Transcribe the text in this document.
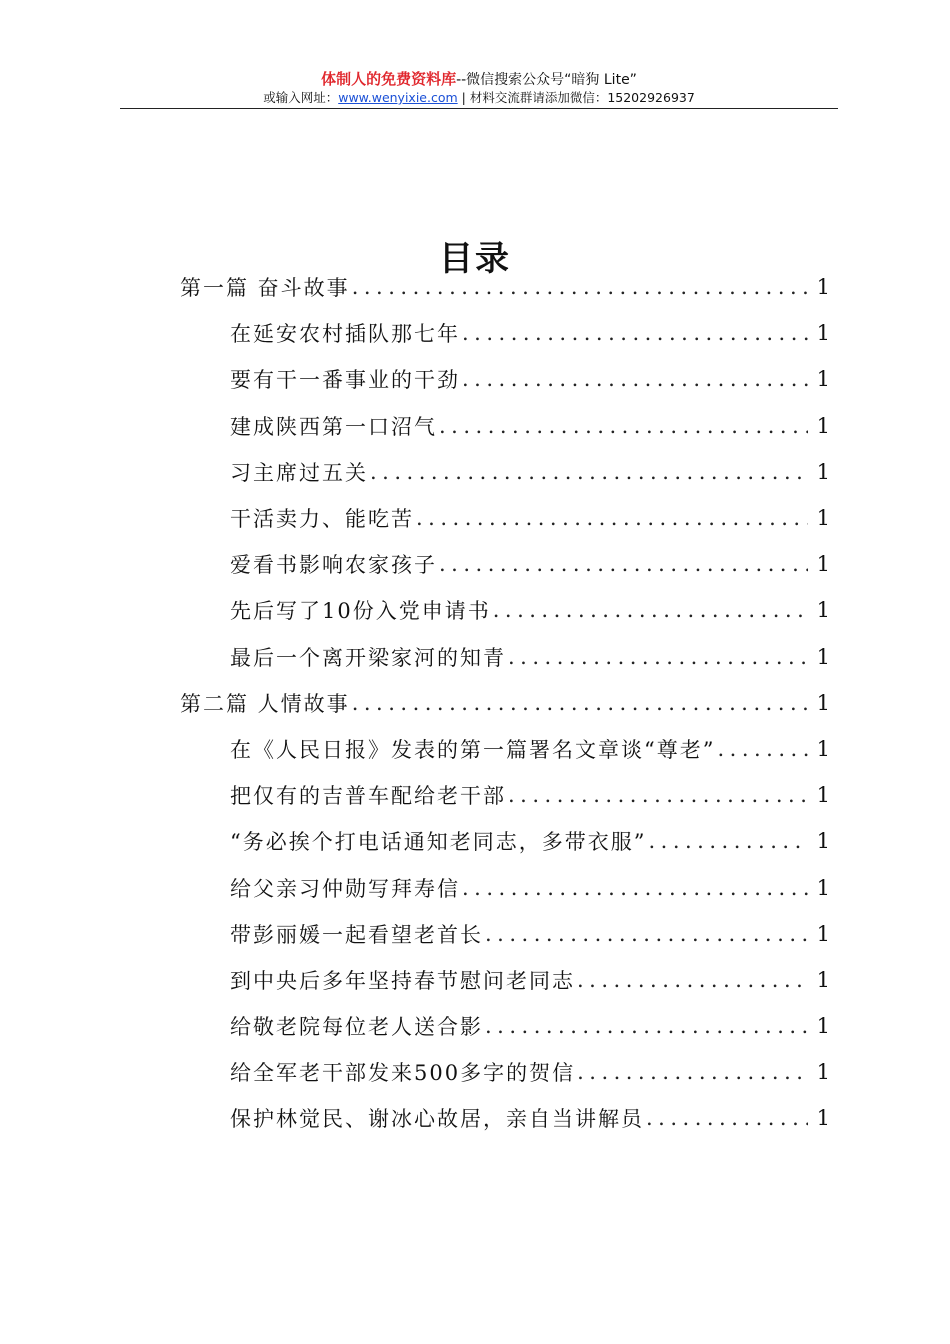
体制人的免费资料库--微信搜索公众号“暗狗 Lite”
或输入网址：www.wenyixie.com | 材料交流群请添加微信：15202926937
目录
第一篇 奋斗故事 .....	1
在延安农村插队那七年 .....	1
要有干一番事业的干劲 .....	1
建成陕西第一口沼气 .....	1
习主席过五关 .....	1
干活卖力、能吃苦 .....	1
爱看书影响农家孩子 .....	1
先后写了10份入党申请书 .....	1
最后一个离开梁家河的知青 .....	1
第二篇 人情故事 .....	1
在《人民日报》发表的第一篇署名文章谈“尊老” .....	1
把仅有的吉普车配给老干部 .....	1
“务必挨个打电话通知老同志，多带衣服” .....	1
给父亲习仲勋写拜寿信 .....	1
带彭丽媛一起看望老首长 .....	1
到中央后多年坚持春节慰问老同志 .....	1
给敬老院每位老人送合影 .....	1
给全军老干部发来500多字的贺信 .....	1
保护林觉民、谢冰心故居，亲自当讲解员 .....	1
